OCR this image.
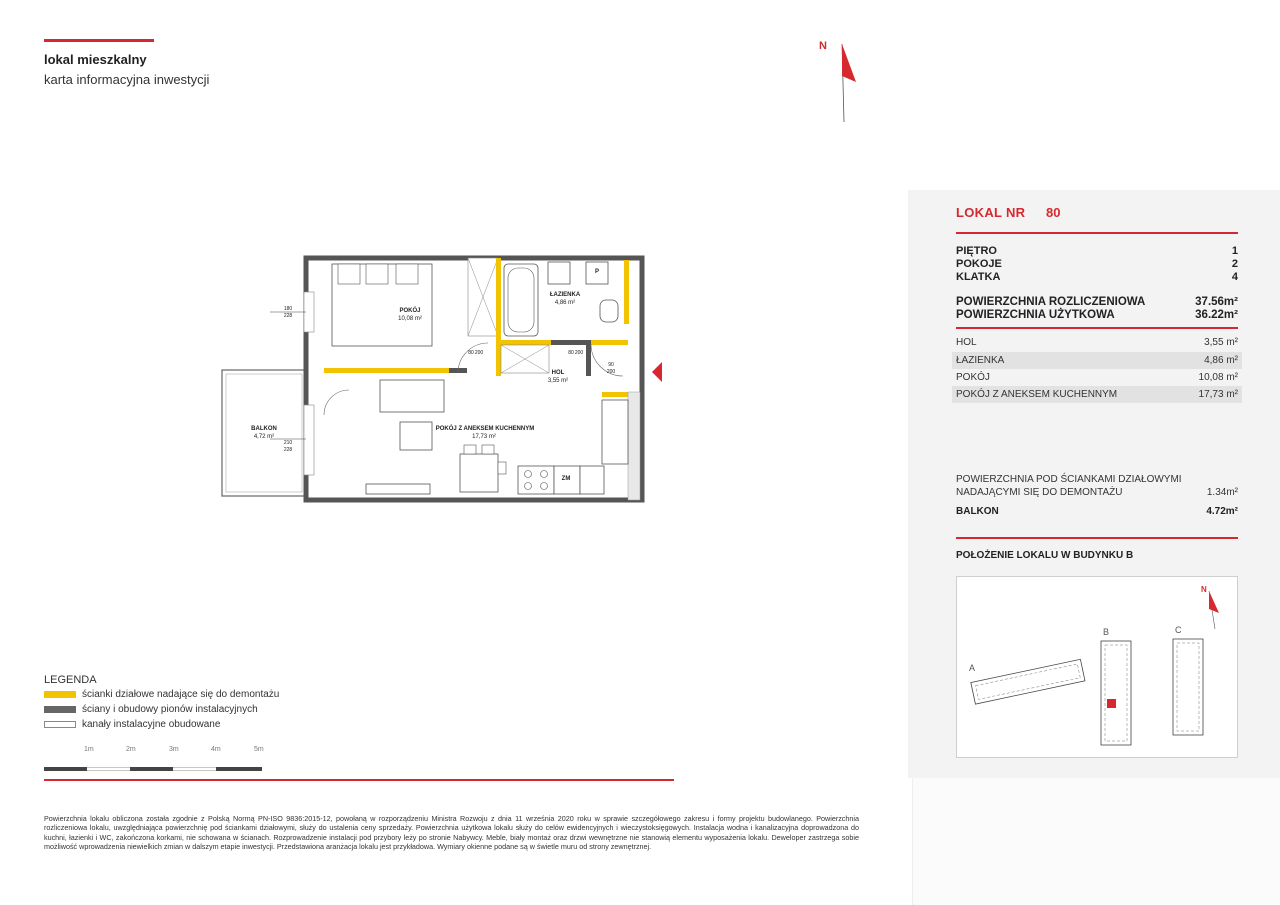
lokal mieszkalny
karta informacyjna inwestycji
N
POKÓJ
10,08 m²
ŁAZIENKA
4,86 m²
HOL
3,55 m²
POKÓJ Z ANEKSEM KUCHENNYM
17,73 m²
BALKON
4,72 m²
P
ZM
180
228
210
228
80 200	80 200
90
200
LOKAL NR 80
PIĘTRO	1
POKOJE	2
KLATKA	4
POWIERZCHNIA ROZLICZENIOWA	37.56m²
POWIERZCHNIA UŻYTKOWA	36.22m²
HOL	3,55 m²
ŁAZIENKA	4,86 m²
POKÓJ	10,08 m²
POKÓJ Z ANEKSEM KUCHENNYM	17,73 m²
POWIERZCHNIA POD ŚCIANKAMI DZIAŁOWYMI
NADAJĄCYMI SIĘ DO DEMONTAŻU	1.34m²
BALKON	4.72m²
POŁOŻENIE LOKALU W BUDYNKU B
A
B	C
N
LEGENDA
ścianki działowe nadające się do demontażu
ściany i obudowy pionów instalacyjnych
kanały instalacyjne obudowane
1m	2m	3m	4m	5m
Powierzchnia lokalu obliczona została zgodnie z Polską Normą PN-ISO 9836:2015-12, powołaną w rozporządzeniu Ministra Rozwoju z dnia 11 września 2020 roku w sprawie szczegółowego zakresu i formy projektu budowlanego. Powierzchnia rozliczeniowa lokalu, uwzględniająca powierzchnię pod ściankami działowymi, służy do ustalenia ceny sprzedaży. Powierzchnia użytkowa lokalu służy do celów ewidencyjnych i wieczystoksięgowych. Instalacja wodna i kanalizacyjna doprowadzona do kuchni, łazienki i WC, zakończona korkami, nie schowana w ścianach. Rozprowadzenie instalacji pod przybory leży po stronie Nabywcy. Meble, biały montaż oraz drzwi wewnętrzne nie stanowią elementu wyposażenia lokalu. Deweloper zastrzega sobie możliwość wprowadzenia niewielkich zmian w dalszym etapie inwestycji. Przedstawiona aranżacja lokalu jest przykładowa. Wymiary okienne podane są w świetle muru od strony zewnętrznej.
